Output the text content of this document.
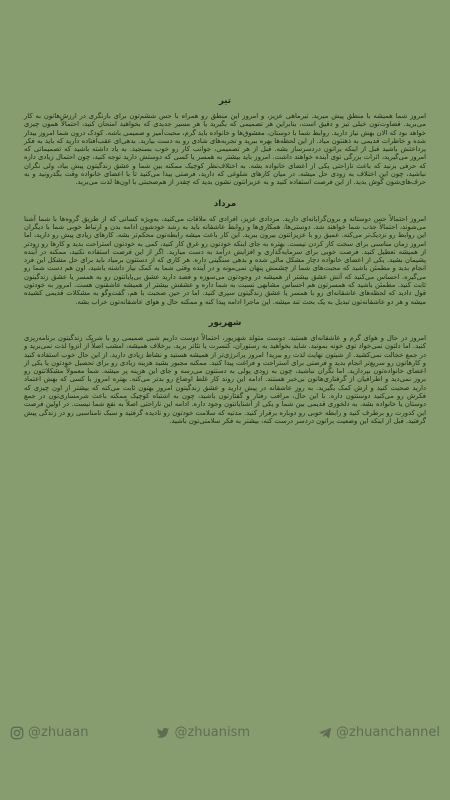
تیر

امروز شما همیشه با منطق پیش میرید. تیرماهی عزیز، و امروز این منطق رو همراه با حس ششم‌تون برای بازنگری در ارزش‌هاتون به کار می‌برید. قضاوت‌تون خیلی تیز و دقیق است، بنابراین هر تصمیمی که بگیرید یا هر مسیر جدیدی که بخواهید امتحان کنید، احتمالاً همون چیزی خواهد بود که الان بهش نیاز دارید. روابط شما با دوستان، معشوق‌ها و خانواده باید گرم، محبت‌آمیز و صمیمی باشه. کودک درون شما امروز بیدار شده و خاطرات قدیمی به ذهنتون میاد. از این لحظه‌ها بهره ببرید و تجربه‌های شادی رو به دست بیارید. بدهی‌ای عقب‌افتاده دارید که باید به فکر پرداختش باشید قبل از اینکه براتون دردسرساز بشه. قبل از هر تصمیمی، جوانب کار رو خوب بسنجید. به یاد داشته باشید که تصمیماتی که امروز می‌گیرید، اثرات بزرگی توی آینده خواهند داشت. امروز باید بیشتر به همسر یا کسی که دوستش دارید توجه کنید، چون احتمال زیادی داره که حرفی بزنید که باعث ناراحتی یکی از اعضای خانواده بشه. به اختلاف‌نظر کوچیک ممکنه بین شما و عشق زندگیتون پیش بیاد، ولی نگران نباشید، چون این اختلاف به زودی حل میشه. در میان کارهای شلوغی که دارید، فرصتی پیدا می‌کنید تا با اعضای خانواده وقت بگذرونید و به حرف‌های‌شون گوش بدید. از این فرصت استفاده کنید و به عزیزانتون نشون بدید که چقدر از هم‌صحبتی با اون‌ها لذت می‌برید.

مرداد

امروز احتمالاً حس دوستانه و برون‌گرایانه‌ای دارید. مردادی عزیز، افرادی که ملاقات می‌کنید، به‌ویژه کسانی که از طریق گروه‌ها با شما آشنا می‌شوند، احتمالاً جذب شما خواهند شد. دوستی‌ها، همکاری‌ها و روابط عاشقانه باید به رشد خودشون ادامه بدن و ارتباط خوبی شما با دیگران این روابط رو نزدیک‌تر می‌کنه. عمیق رو با عزیزانتون بیرون ببرید. این کار باعث میشه رابطه‌تون محکم‌تر بشه. کارهای زیادی پیش رو دارید، اما امروز زمان مناسبی برای سخت کار کردن نیست. بهتره به جای اینکه خودتون رو غرق کار کنید، کمی به خودتون استراحت بدید و کارها رو زودتر از همیشه تعطیل کنید. فرصت خوبی برای سرمایه‌گذاری و افزایش درآمد به دست میارید. اگر از این فرصت استفاده نکنید، ممکنه در آینده پشیمان بشید. یکی از اعضای خانواده دچار مشکل مالی شده و بدهی سنگینی داره. هر کاری که از دستتون برمیاد باید برای حل مشکل این فرد انجام بدید و مطمئن باشید که محبت‌های شما از چشمش پنهان نمی‌مونه و در آینده وقتی شما به کمک نیاز داشته باشید، اون هم دست شما رو می‌گیره. احساس می‌کنید که آتش عشق بیشتر از همیشه در وجودتون می‌سوزه و قصد دارید عشق بی‌پایانتون رو به همسر یا عشق زندگیتون ثابت کنید. مطمئن باشید که همسرتون هم احساس مشابهی نسبت به شما داره و عشقش بیشتر از همیشه عاشقتون هست. امروز به خودتون قول دادید که لحظه‌های عاشقانه‌ای رو با همسر یا عشق زندگیتون سپری کنید. اما در حین صحبت با هم، گفت‌وگو به مشکلات قدیمی کشیده میشه و هر دو عاشقانه‌تون تبدیل به یک بحث تند میشه. این ماجرا ادامه پیدا کنه و ممکنه حال و هوای عاشقانه‌تون خراب بشه.

شهریور

امروز در حال و هوای گرم و عاشقانه‌ای هستید. دوست متولد شهریور، احتمالاً دوست داریم شبی صمیمی رو با شریک زندگیتون برنامه‌ریزی کنید. اما دلتون نمی‌خواد توی خونه بمونید. شاید بخواهید به رستوران، کنسرت یا تئاتر برید. برخلاف همیشه، امشب اصلاً از انزوا لذت نمی‌برید و در جمع خجالت نمی‌کشید. از شبتون نهایت لذت رو ببرید! امروز پرانرژی‌تر از همیشه هستید و نشاط زیادی دارید. از این حال خوب استفاده کنید و کارهاتون رو سریع‌تر انجام بدید و فرصتی برای استراحت و فراغت پیدا کنید. ممکنه مجبور بشید هزینه زیادی رو برای تحصیل خودتون یا یکی از اعضای خانواده‌تون بپردازید. اما نگران نباشید، چون به زودی پولی به دستتون می‌رسه و جای این هزینه پر میشه. شما معمولاً مشکلاتتون رو بروز نمی‌دید و اطرافیان از گرفتاری‌هاتون بی‌خبر هستند. ادامه این روند کار غلط اوضاع رو بدتر می‌کنه. بهتره امروز با کسی که بهش اعتماد دارید صحبت کنید و ازش کمک بگیرید. به روزِ عاشقانه در پیش دارید و عشق زندگیتون امروز بهتون ثابت می‌کنه که بیشتر از اون چیزی که فکرش رو می‌کنید دوستتون داره. با این حال، مراقب رفتار و گفتارتون باشید، چون به اشتباه کوچیک ممکنه باعث شرمساری‌تون در جمع دوستان یا خانواده بشه. به دلخوری قدیمی بین شما و یکی از آشنایانتون وجود داره. ادامه این ناراحتی اصلاً به نفع شما نیست. در اولین فرصت این کدورت رو برطرف کنید و رابطه خوبی رو دوباره برقرار کنید. مدتیه که سلامت خودتون رو نادیده گرفتید و سبک نامناسبی رو در زندگی پیش گرفتید. قبل از اینکه این وضعیت براتون دردسر درست کنه، بیشتر به فکر سلامتی‌تون باشید.

@zhuaan	@zhuanism	@zhuanchannel
